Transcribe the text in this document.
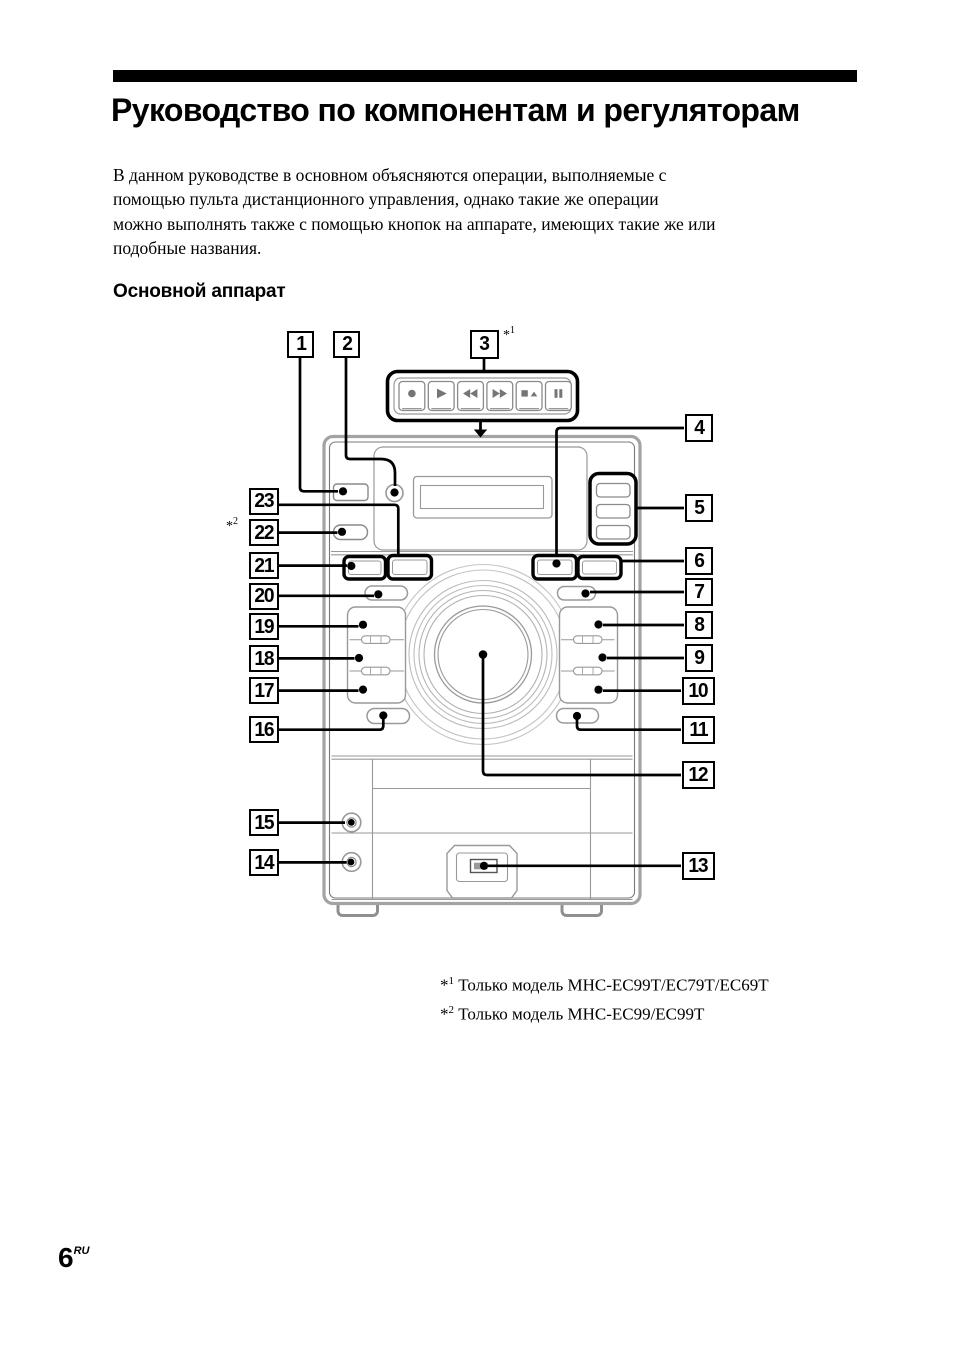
Руководство по компонентам и регуляторам
В данном руководстве в основном объясняются операции, выполняемые с
помощью пульта дистанционного управления, однако такие же операции
можно выполнять также с помощью кнопок на аппарате, имеющих такие же или
подобные названия.
Основной аппарат
1 2	3
4
5
6
7
8
9
10
11
12
13
14
15
16
17
18
19
20
21
22
23
*$^1$
*$^2$
*$^1$ Только модель MHC-EC99T/EC79T/EC69T
*$^2$ Только модель MHC-EC99/EC99T
$6^{RU}$
